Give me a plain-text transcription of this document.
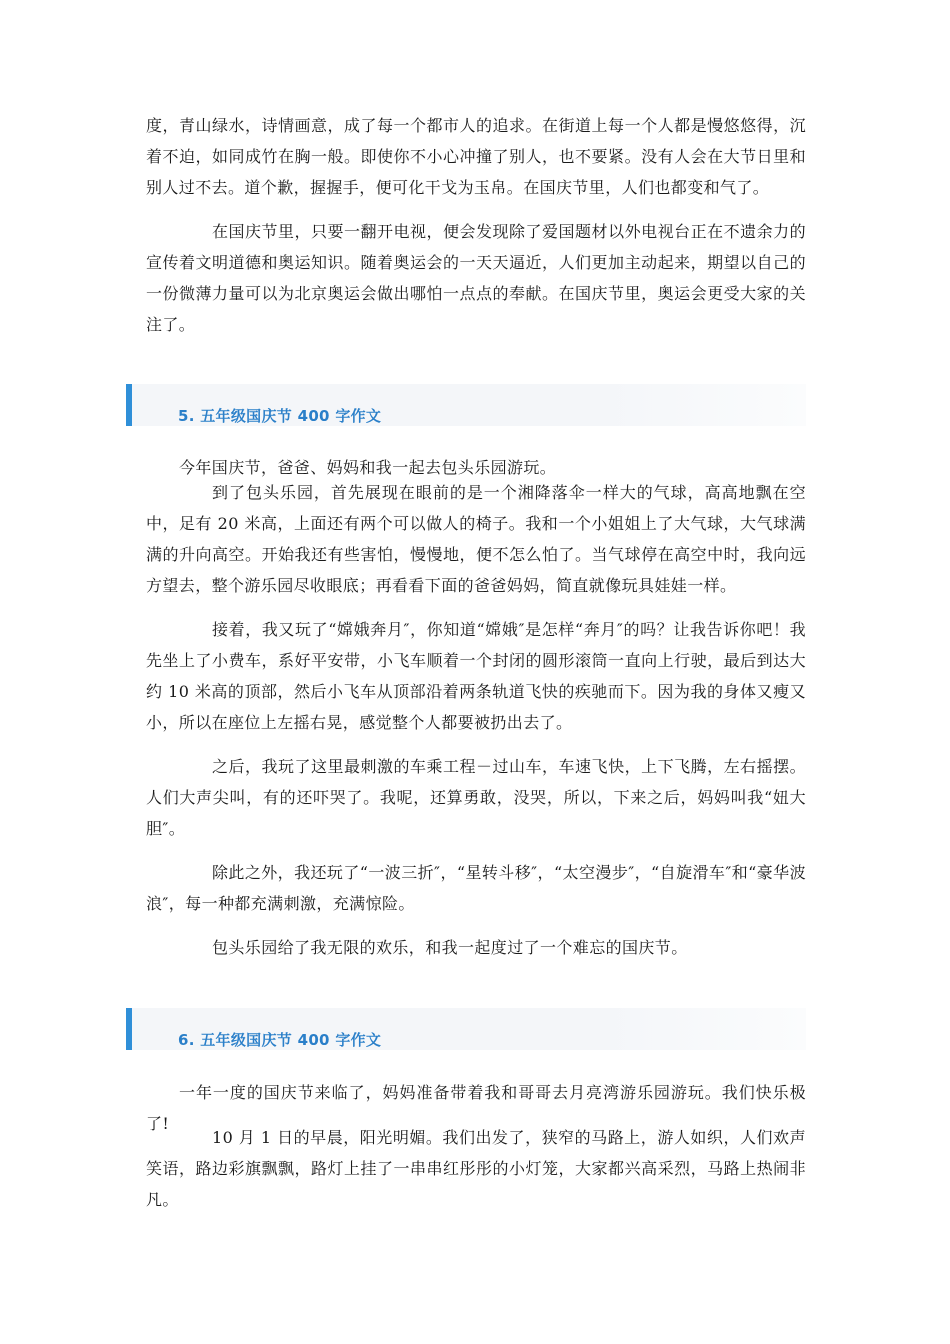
度，青山绿水，诗情画意，成了每一个都市人的追求。在街道上每一个人都是慢悠悠得，沉着不迫，如同成竹在胸一般。即使你不小心冲撞了别人，也不要紧。没有人会在大节日里和别人过不去。道个歉，握握手，便可化干戈为玉帛。在国庆节里，人们也都变和气了。

在国庆节里，只要一翻开电视，便会发现除了爱国题材以外电视台正在不遗余力的宣传着文明道德和奥运知识。随着奥运会的一天天逼近，人们更加主动起来，期望以自己的一份微薄力量可以为北京奥运会做出哪怕一点点的奉献。在国庆节里，奥运会更受大家的关注了。

今年国庆节，爸爸、妈妈和我一起去包头乐园游玩。

到了包头乐园，首先展现在眼前的是一个湘降落伞一样大的气球，高高地飘在空中，足有 20 米高，上面还有两个可以做人的椅子。我和一个小姐姐上了大气球，大气球满满的升向高空。开始我还有些害怕，慢慢地，便不怎么怕了。当气球停在高空中时，我向远方望去，整个游乐园尽收眼底；再看看下面的爸爸妈妈，简直就像玩具娃娃一样。

接着，我又玩了“嫦娥奔月″，你知道“嫦娥″是怎样“奔月″的吗？让我告诉你吧！我先坐上了小费车，系好平安带，小飞车顺着一个封闭的圆形滚筒一直向上行驶，最后到达大约 10 米高的顶部，然后小飞车从顶部沿着两条轨道飞快的疾驰而下。因为我的身体又瘦又小，所以在座位上左摇右晃，感觉整个人都要被扔出去了。

之后，我玩了这里最刺激的车乘工程－过山车，车速飞快，上下飞腾，左右摇摆。人们大声尖叫，有的还吓哭了。我呢，还算勇敢，没哭，所以，下来之后，妈妈叫我“妞大胆″。

除此之外，我还玩了“一波三折″，“星转斗移″，“太空漫步″，“自旋滑车″和“豪华波浪″，每一种都充满刺激，充满惊险。

包头乐园给了我无限的欢乐，和我一起度过了一个难忘的国庆节。

一年一度的国庆节来临了，妈妈准备带着我和哥哥去月亮湾游乐园游玩。我们快乐极了!

10 月 1 日的早晨，阳光明媚。我们出发了，狭窄的马路上，游人如织，人们欢声笑语，路边彩旗飘飘，路灯上挂了一串串红彤彤的小灯笼，大家都兴高采烈，马路上热闹非凡。

5. 五年级国庆节 400 字作文
6. 五年级国庆节 400 字作文
